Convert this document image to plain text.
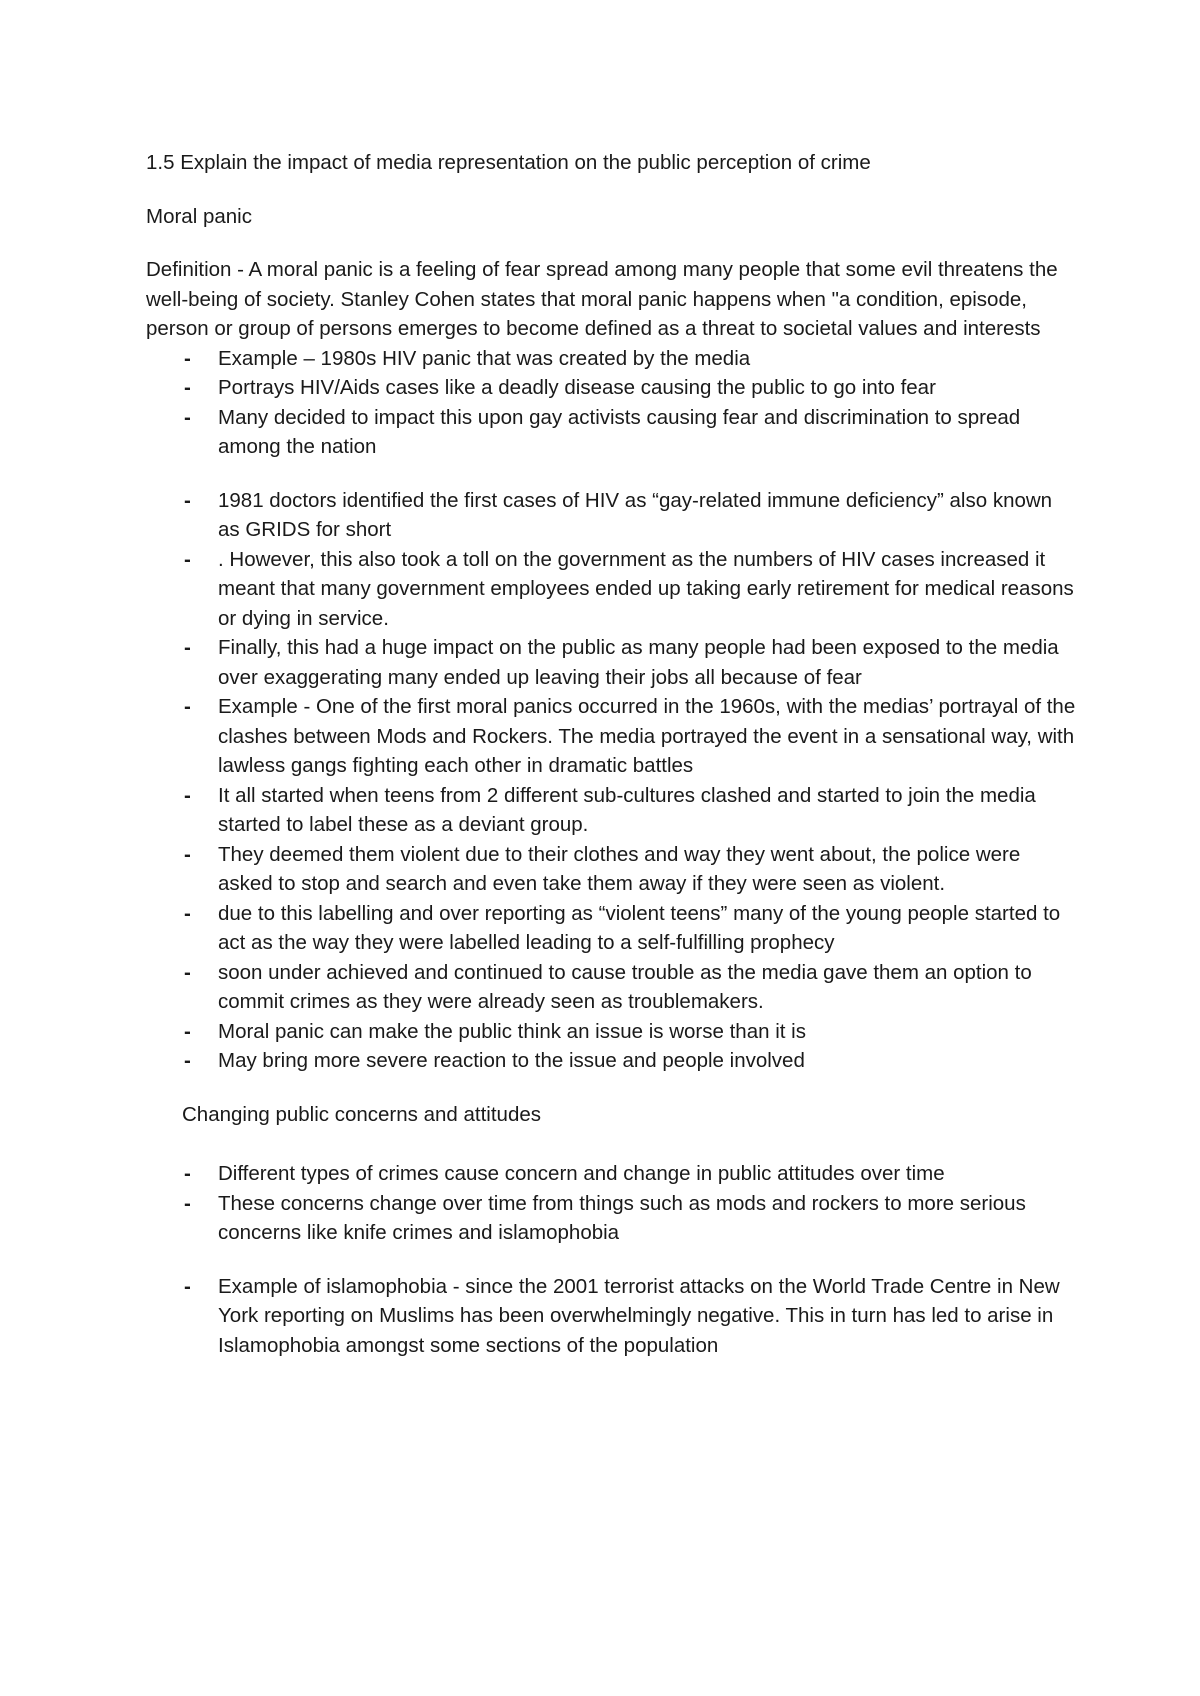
1.5 Explain the impact of media representation on the public perception of crime

Moral panic

Definition - A moral panic is a feeling of fear spread among many people that some evil threatens the well-being of society. Stanley Cohen states that moral panic happens when "a condition, episode, person or group of persons emerges to become defined as a threat to societal values and interests

- Example – 1980s HIV panic that was created by the media
- Portrays HIV/Aids cases like a deadly disease causing the public to go into fear
- Many decided to impact this upon gay activists causing fear and discrimination to spread among the nation
- 1981 doctors identified the first cases of HIV as “gay-related immune deficiency” also known as GRIDS for short
- . However, this also took a toll on the government as the numbers of HIV cases increased it meant that many government employees ended up taking early retirement for medical reasons or dying in service.
- Finally, this had a huge impact on the public as many people had been exposed to the media over exaggerating many ended up leaving their jobs all because of fear
- Example - One of the first moral panics occurred in the 1960s, with the medias’ portrayal of the clashes between Mods and Rockers. The media portrayed the event in a sensational way, with lawless gangs fighting each other in dramatic battles
- It all started when teens from 2 different sub-cultures clashed and started to join the media started to label these as a deviant group.
- They deemed them violent due to their clothes and way they went about, the police were asked to stop and search and even take them away if they were seen as violent.
- due to this labelling and over reporting as “violent teens” many of the young people started to act as the way they were labelled leading to a self-fulfilling prophecy
- soon under achieved and continued to cause trouble as the media gave them an option to commit crimes as they were already seen as troublemakers.
- Moral panic can make the public think an issue is worse than it is
- May bring more severe reaction to the issue and people involved

Changing public concerns and attitudes

- Different types of crimes cause concern and change in public attitudes over time
- These concerns change over time from things such as mods and rockers to more serious concerns like knife crimes and islamophobia
- Example of islamophobia - since the 2001 terrorist attacks on the World Trade Centre in New York reporting on Muslims has been overwhelmingly negative. This in turn has led to arise in Islamophobia amongst some sections of the population
